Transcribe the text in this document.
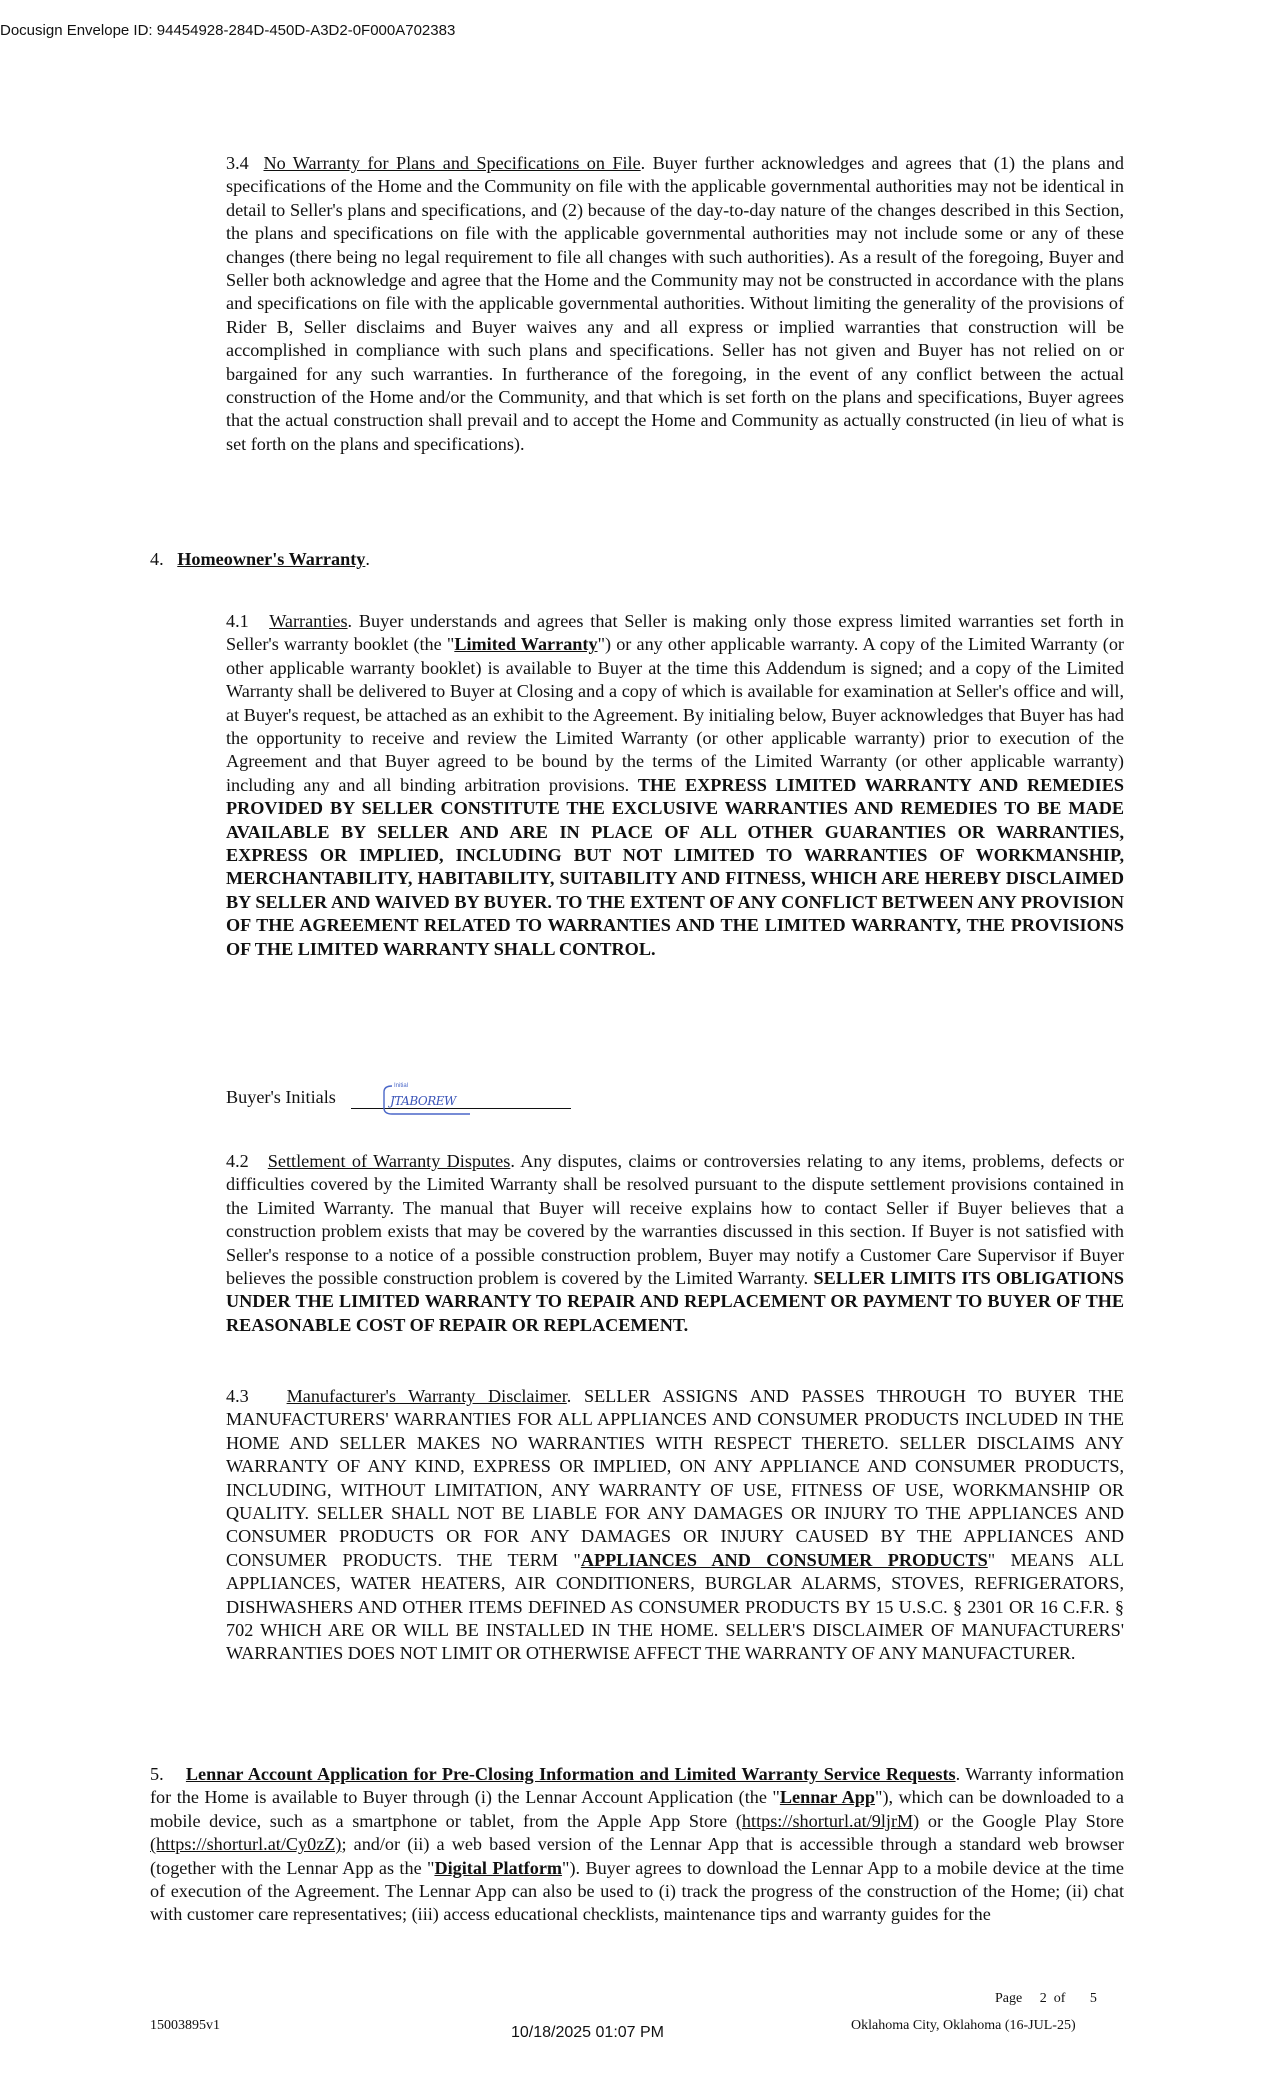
Docusign Envelope ID: 94454928-284D-450D-A3D2-0F000A702383
3.4 No Warranty for Plans and Specifications on File. Buyer further acknowledges and agrees that (1) the plans and specifications of the Home and the Community on file with the applicable governmental authorities may not be identical in detail to Seller's plans and specifications, and (2) because of the day-to-day nature of the changes described in this Section, the plans and specifications on file with the applicable governmental authorities may not include some or any of these changes (there being no legal requirement to file all changes with such authorities). As a result of the foregoing, Buyer and Seller both acknowledge and agree that the Home and the Community may not be constructed in accordance with the plans and specifications on file with the applicable governmental authorities. Without limiting the generality of the provisions of Rider B, Seller disclaims and Buyer waives any and all express or implied warranties that construction will be accomplished in compliance with such plans and specifications. Seller has not given and Buyer has not relied on or bargained for any such warranties. In furtherance of the foregoing, in the event of any conflict between the actual construction of the Home and/or the Community, and that which is set forth on the plans and specifications, Buyer agrees that the actual construction shall prevail and to accept the Home and Community as actually constructed (in lieu of what is set forth on the plans and specifications).
4. Homeowner's Warranty.
4.1 Warranties. Buyer understands and agrees that Seller is making only those express limited warranties set forth in Seller's warranty booklet (the "Limited Warranty") or any other applicable warranty. A copy of the Limited Warranty (or other applicable warranty booklet) is available to Buyer at the time this Addendum is signed; and a copy of the Limited Warranty shall be delivered to Buyer at Closing and a copy of which is available for examination at Seller's office and will, at Buyer's request, be attached as an exhibit to the Agreement. By initialing below, Buyer acknowledges that Buyer has had the opportunity to receive and review the Limited Warranty (or other applicable warranty) prior to execution of the Agreement and that Buyer agreed to be bound by the terms of the Limited Warranty (or other applicable warranty) including any and all binding arbitration provisions. THE EXPRESS LIMITED WARRANTY AND REMEDIES PROVIDED BY SELLER CONSTITUTE THE EXCLUSIVE WARRANTIES AND REMEDIES TO BE MADE AVAILABLE BY SELLER AND ARE IN PLACE OF ALL OTHER GUARANTIES OR WARRANTIES, EXPRESS OR IMPLIED, INCLUDING BUT NOT LIMITED TO WARRANTIES OF WORKMANSHIP, MERCHANTABILITY, HABITABILITY, SUITABILITY AND FITNESS, WHICH ARE HEREBY DISCLAIMED BY SELLER AND WAIVED BY BUYER. TO THE EXTENT OF ANY CONFLICT BETWEEN ANY PROVISION OF THE AGREEMENT RELATED TO WARRANTIES AND THE LIMITED WARRANTY, THE PROVISIONS OF THE LIMITED WARRANTY SHALL CONTROL.
Buyer's Initials
Initial
JTABOREW
4.2 Settlement of Warranty Disputes. Any disputes, claims or controversies relating to any items, problems, defects or difficulties covered by the Limited Warranty shall be resolved pursuant to the dispute settlement provisions contained in the Limited Warranty. The manual that Buyer will receive explains how to contact Seller if Buyer believes that a construction problem exists that may be covered by the warranties discussed in this section. If Buyer is not satisfied with Seller's response to a notice of a possible construction problem, Buyer may notify a Customer Care Supervisor if Buyer believes the possible construction problem is covered by the Limited Warranty. SELLER LIMITS ITS OBLIGATIONS UNDER THE LIMITED WARRANTY TO REPAIR AND REPLACEMENT OR PAYMENT TO BUYER OF THE REASONABLE COST OF REPAIR OR REPLACEMENT.
4.3 Manufacturer's Warranty Disclaimer. SELLER ASSIGNS AND PASSES THROUGH TO BUYER THE MANUFACTURERS' WARRANTIES FOR ALL APPLIANCES AND CONSUMER PRODUCTS INCLUDED IN THE HOME AND SELLER MAKES NO WARRANTIES WITH RESPECT THERETO. SELLER DISCLAIMS ANY WARRANTY OF ANY KIND, EXPRESS OR IMPLIED, ON ANY APPLIANCE AND CONSUMER PRODUCTS, INCLUDING, WITHOUT LIMITATION, ANY WARRANTY OF USE, FITNESS OF USE, WORKMANSHIP OR QUALITY. SELLER SHALL NOT BE LIABLE FOR ANY DAMAGES OR INJURY TO THE APPLIANCES AND CONSUMER PRODUCTS OR FOR ANY DAMAGES OR INJURY CAUSED BY THE APPLIANCES AND CONSUMER PRODUCTS. THE TERM "APPLIANCES AND CONSUMER PRODUCTS" MEANS ALL APPLIANCES, WATER HEATERS, AIR CONDITIONERS, BURGLAR ALARMS, STOVES, REFRIGERATORS, DISHWASHERS AND OTHER ITEMS DEFINED AS CONSUMER PRODUCTS BY 15 U.S.C. § 2301 OR 16 C.F.R. § 702 WHICH ARE OR WILL BE INSTALLED IN THE HOME. SELLER'S DISCLAIMER OF MANUFACTURERS' WARRANTIES DOES NOT LIMIT OR OTHERWISE AFFECT THE WARRANTY OF ANY MANUFACTURER.
5. Lennar Account Application for Pre-Closing Information and Limited Warranty Service Requests. Warranty information for the Home is available to Buyer through (i) the Lennar Account Application (the "Lennar App"), which can be downloaded to a mobile device, such as a smartphone or tablet, from the Apple App Store (https://shorturl.at/9ljrM) or the Google Play Store (https://shorturl.at/Cy0zZ); and/or (ii) a web based version of the Lennar App that is accessible through a standard web browser (together with the Lennar App as the "Digital Platform"). Buyer agrees to download the Lennar App to a mobile device at the time of execution of the Agreement. The Lennar App can also be used to (i) track the progress of the construction of the Home; (ii) chat with customer care representatives; (iii) access educational checklists, maintenance tips and warranty guides for the
Page 2 of 5
15003895v1	10/18/2025 01:07 PM	Oklahoma City, Oklahoma (16-JUL-25)
